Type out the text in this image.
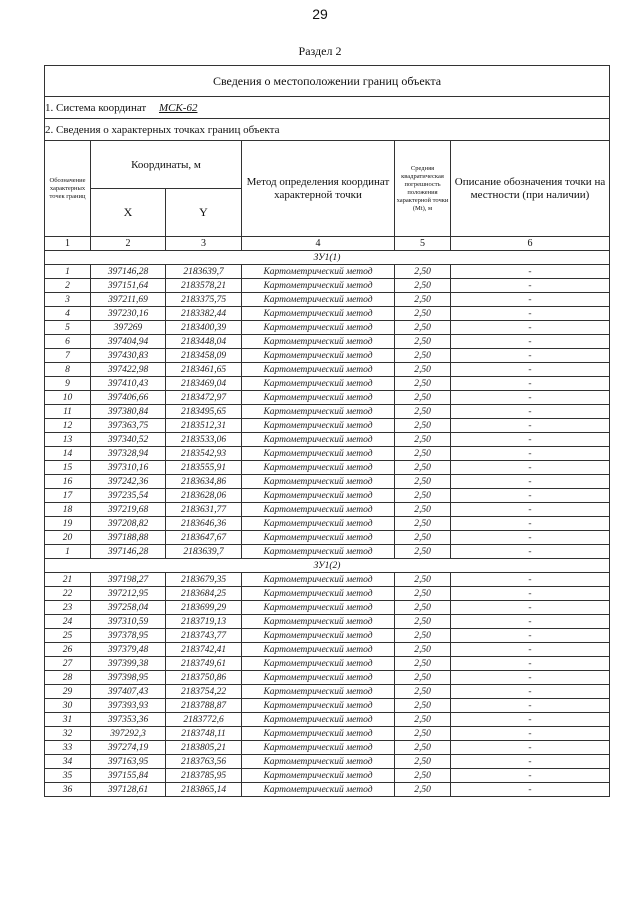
29
Раздел 2
Сведения о местоположении границ объекта					
1. Система координат МСК-62					
2. Сведения о характерных точках границ объекта					
Обозначение характерных точек границ	Координаты, м		Метод определения координат характерной точки	Средняя квадратическая погрешность положения характерной точки (Mt), м	Описание обозначения точки на местности (при наличии)
	X	Y			
1	2	3	4	5	6
ЗУ1(1)					
1	397146,28	2183639,7	Картометрический метод	2,50	-
2	397151,64	2183578,21	Картометрический метод	2,50	-
3	397211,69	2183375,75	Картометрический метод	2,50	-
4	397230,16	2183382,44	Картометрический метод	2,50	-
5	397269	2183400,39	Картометрический метод	2,50	-
6	397404,94	2183448,04	Картометрический метод	2,50	-
7	397430,83	2183458,09	Картометрический метод	2,50	-
8	397422,98	2183461,65	Картометрический метод	2,50	-
9	397410,43	2183469,04	Картометрический метод	2,50	-
10	397406,66	2183472,97	Картометрический метод	2,50	-
11	397380,84	2183495,65	Картометрический метод	2,50	-
12	397363,75	2183512,31	Картометрический метод	2,50	-
13	397340,52	2183533,06	Картометрический метод	2,50	-
14	397328,94	2183542,93	Картометрический метод	2,50	-
15	397310,16	2183555,91	Картометрический метод	2,50	-
16	397242,36	2183634,86	Картометрический метод	2,50	-
17	397235,54	2183628,06	Картометрический метод	2,50	-
18	397219,68	2183631,77	Картометрический метод	2,50	-
19	397208,82	2183646,36	Картометрический метод	2,50	-
20	397188,88	2183647,67	Картометрический метод	2,50	-
1	397146,28	2183639,7	Картометрический метод	2,50	-
ЗУ1(2)					
21	397198,27	2183679,35	Картометрический метод	2,50	-
22	397212,95	2183684,25	Картометрический метод	2,50	-
23	397258,04	2183699,29	Картометрический метод	2,50	-
24	397310,59	2183719,13	Картометрический метод	2,50	-
25	397378,95	2183743,77	Картометрический метод	2,50	-
26	397379,48	2183742,41	Картометрический метод	2,50	-
27	397399,38	2183749,61	Картометрический метод	2,50	-
28	397398,95	2183750,86	Картометрический метод	2,50	-
29	397407,43	2183754,22	Картометрический метод	2,50	-
30	397393,93	2183788,87	Картометрический метод	2,50	-
31	397353,36	2183772,6	Картометрический метод	2,50	-
32	397292,3	2183748,11	Картометрический метод	2,50	-
33	397274,19	2183805,21	Картометрический метод	2,50	-
34	397163,95	2183763,56	Картометрический метод	2,50	-
35	397155,84	2183785,95	Картометрический метод	2,50	-
36	397128,61	2183865,14	Картометрический метод	2,50	-
